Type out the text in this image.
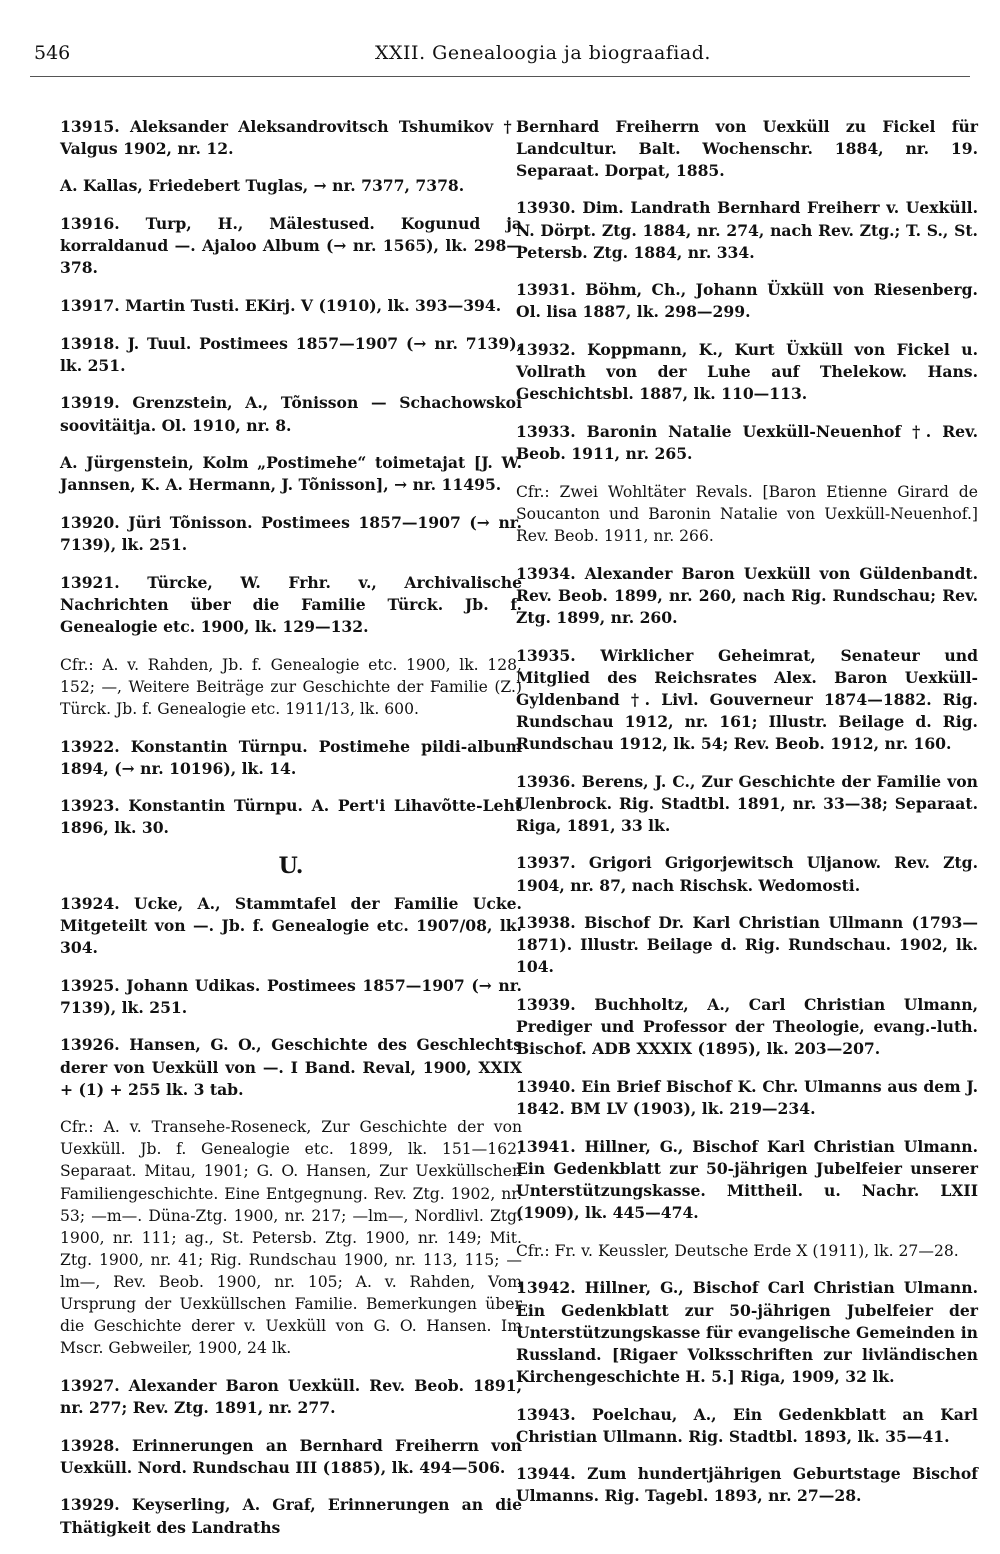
546	XXII. Genealoogia ja biograafiad.

13915. Aleksander Aleksandrovitsch Tshumikov †. Valgus 1902, nr. 12.

A. Kallas, Friedebert Tuglas, → nr. 7377, 7378.

13916. Turp, H., Mälestused. Kogunud ja korraldanud —. Ajaloo Album (→ nr. 1565), lk. 298—378.

13917. Martin Tusti. EKirj. V (1910), lk. 393—394.

13918. J. Tuul. Postimees 1857—1907 (→ nr. 7139), lk. 251.

13919. Grenzstein, A., Tõnisson — Schachowskoi soovitäitja. Ol. 1910, nr. 8.

A. Jürgenstein, Kolm „Postimehe“ toimetajat [J. W. Jannsen, K. A. Hermann, J. Tõnisson], → nr. 11495.

13920. Jüri Tõnisson. Postimees 1857—1907 (→ nr. 7139), lk. 251.

13921. Türcke, W. Frhr. v., Archivalische Nachrichten über die Familie Türck. Jb. f. Genealogie etc. 1900, lk. 129—132.

Cfr.: A. v. Rahden, Jb. f. Genealogie etc. 1900, lk. 128, 152; —, Weitere Beiträge zur Geschichte der Familie (Z.) Türck. Jb. f. Genealogie etc. 1911/13, lk. 600.

13922. Konstantin Türnpu. Postimehe pildi-album 1894, (→ nr. 10196), lk. 14.

13923. Konstantin Türnpu. A. Pert'i Lihavõtte-Leht 1896, lk. 30.

U.

13924. Ucke, A., Stammtafel der Familie Ucke. Mitgeteilt von —. Jb. f. Genealogie etc. 1907/08, lk. 304.

13925. Johann Udikas. Postimees 1857—1907 (→ nr. 7139), lk. 251.

13926. Hansen, G. O., Geschichte des Geschlechts derer von Uexküll von —. I Band. Reval, 1900, XXIX + (1) + 255 lk. 3 tab.

Cfr.: A. v. Transehe-Roseneck, Zur Geschichte der von Uexküll. Jb. f. Genealogie etc. 1899, lk. 151—162. Separaat. Mitau, 1901; G. O. Hansen, Zur Uexküllschen Familiengeschichte. Eine Entgegnung. Rev. Ztg. 1902, nr. 53; —m—. Düna-Ztg. 1900, nr. 217; —lm—, Nordlivl. Ztg. 1900, nr. 111; ag., St. Petersb. Ztg. 1900, nr. 149; Mit. Ztg. 1900, nr. 41; Rig. Rundschau 1900, nr. 113, 115; —lm—, Rev. Beob. 1900, nr. 105; A. v. Rahden, Vom Ursprung der Uexküllschen Familie. Bemerkungen über die Geschichte derer v. Uexküll von G. O. Hansen. Im Mscr. Gebweiler, 1900, 24 lk.

13927. Alexander Baron Uexküll. Rev. Beob. 1891, nr. 277; Rev. Ztg. 1891, nr. 277.

13928. Erinnerungen an Bernhard Freiherrn von Uexküll. Nord. Rundschau III (1885), lk. 494—506.

13929. Keyserling, A. Graf, Erinnerungen an die Thätigkeit des Landraths

Bernhard Freiherrn von Uexküll zu Fickel für Landcultur. Balt. Wochenschr. 1884, nr. 19. Separaat. Dorpat, 1885.

13930. Dim. Landrath Bernhard Freiherr v. Uexküll. N. Dörpt. Ztg. 1884, nr. 274, nach Rev. Ztg.; T. S., St. Petersb. Ztg. 1884, nr. 334.

13931. Böhm, Ch., Johann Üxküll von Riesenberg. Ol. lisa 1887, lk. 298—299.

13932. Koppmann, K., Kurt Üxküll von Fickel u. Vollrath von der Luhe auf Thelekow. Hans. Geschichtsbl. 1887, lk. 110—113.

13933. Baronin Natalie Uexküll-Neuenhof †. Rev. Beob. 1911, nr. 265.

Cfr.: Zwei Wohltäter Revals. [Baron Etienne Girard de Soucanton und Baronin Natalie von Uexküll-Neuenhof.] Rev. Beob. 1911, nr. 266.

13934. Alexander Baron Uexküll von Güldenbandt. Rev. Beob. 1899, nr. 260, nach Rig. Rundschau; Rev. Ztg. 1899, nr. 260.

13935. Wirklicher Geheimrat, Senateur und Mitglied des Reichsrates Alex. Baron Uexküll-Gyldenband †. Livl. Gouverneur 1874—1882. Rig. Rundschau 1912, nr. 161; Illustr. Beilage d. Rig. Rundschau 1912, lk. 54; Rev. Beob. 1912, nr. 160.

13936. Berens, J. C., Zur Geschichte der Familie von Ulenbrock. Rig. Stadtbl. 1891, nr. 33—38; Separaat. Riga, 1891, 33 lk.

13937. Grigori Grigorjewitsch Uljanow. Rev. Ztg. 1904, nr. 87, nach Rischsk. Wedomosti.

13938. Bischof Dr. Karl Christian Ullmann (1793—1871). Illustr. Beilage d. Rig. Rundschau. 1902, lk. 104.

13939. Buchholtz, A., Carl Christian Ulmann, Prediger und Professor der Theologie, evang.-luth. Bischof. ADB XXXIX (1895), lk. 203—207.

13940. Ein Brief Bischof K. Chr. Ulmanns aus dem J. 1842. BM LV (1903), lk. 219—234.

13941. Hillner, G., Bischof Karl Christian Ulmann. Ein Gedenkblatt zur 50-jährigen Jubelfeier unserer Unterstützungskasse. Mittheil. u. Nachr. LXII (1909), lk. 445—474.

Cfr.: Fr. v. Keussler, Deutsche Erde X (1911), lk. 27—28.

13942. Hillner, G., Bischof Carl Christian Ulmann. Ein Gedenkblatt zur 50-jährigen Jubelfeier der Unterstützungskasse für evangelische Gemeinden in Russland. [Rigaer Volksschriften zur livländischen Kirchengeschichte H. 5.] Riga, 1909, 32 lk.

13943. Poelchau, A., Ein Gedenkblatt an Karl Christian Ullmann. Rig. Stadtbl. 1893, lk. 35—41.

13944. Zum hundertjährigen Geburtstage Bischof Ulmanns. Rig. Tagebl. 1893, nr. 27—28.
